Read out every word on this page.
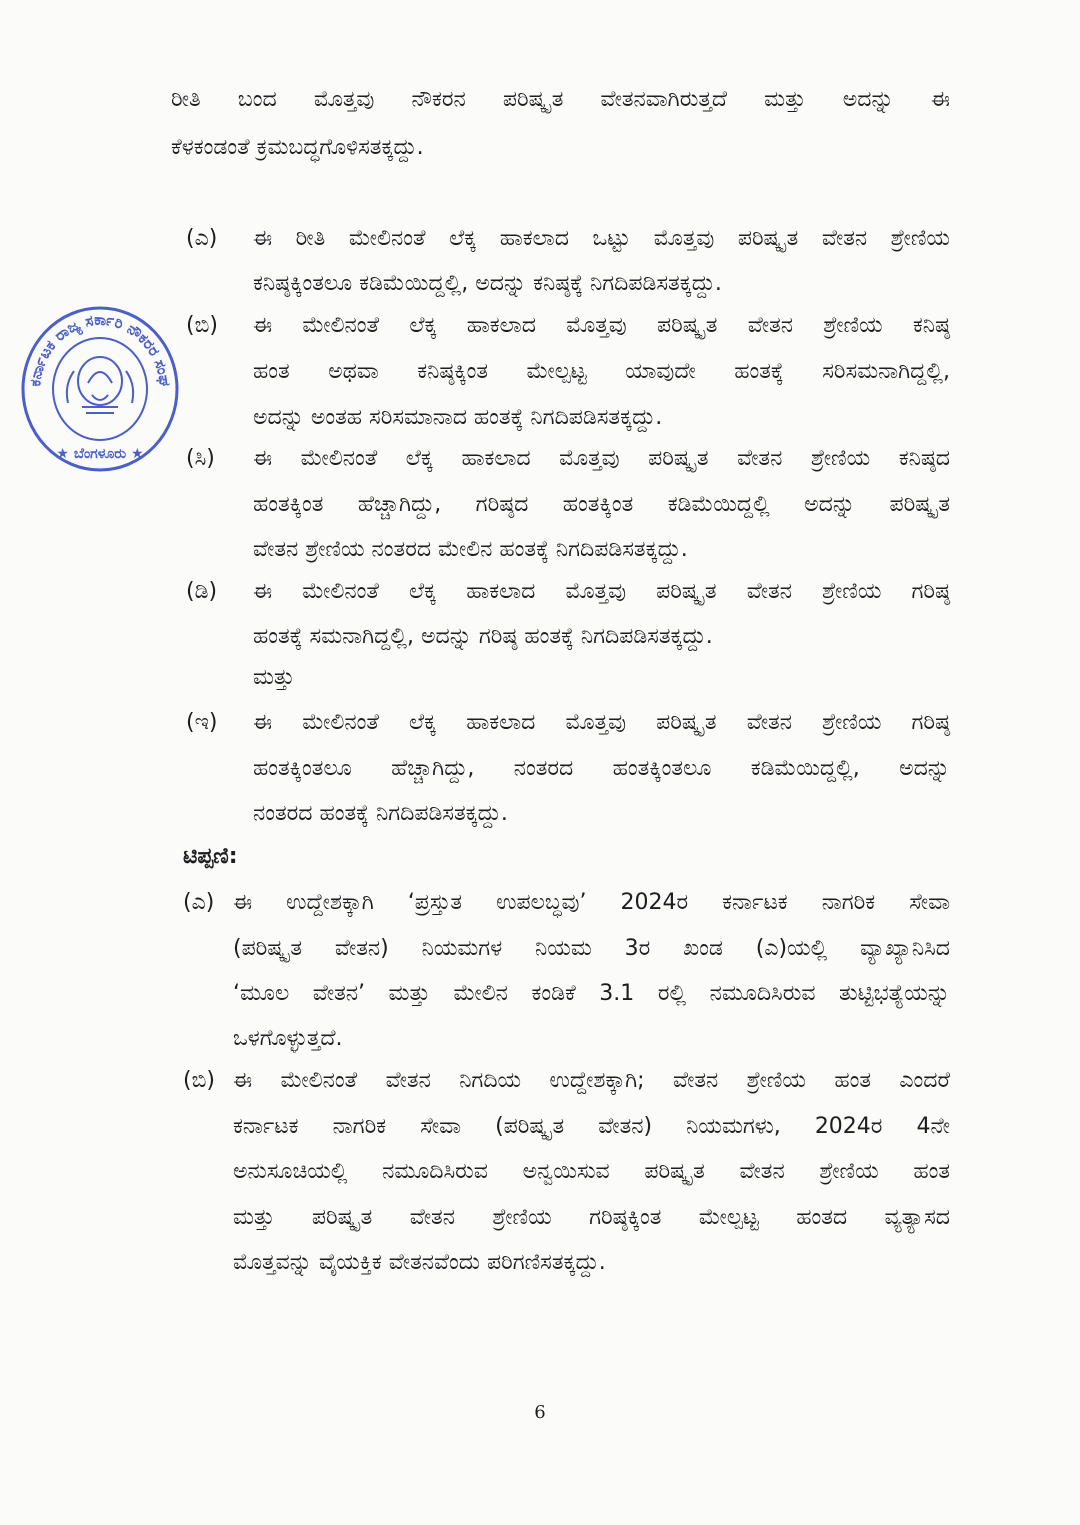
ರೀತಿ ಬಂದ ಮೊತ್ತವು ನೌಕರನ ಪರಿಷ್ಕೃತ ವೇತನವಾಗಿರುತ್ತದೆ ಮತ್ತು ಅದನ್ನು ಈ
ಕೆಳಕಂಡಂತೆ ಕ್ರಮಬದ್ಧಗೊಳಿಸತಕ್ಕದ್ದು.
(ಎ) ಈ ರೀತಿ ಮೇಲಿನಂತೆ ಲೆಕ್ಕ ಹಾಕಲಾದ ಒಟ್ಟು ಮೊತ್ತವು ಪರಿಷ್ಕೃತ ವೇತನ ಶ್ರೇಣಿಯ
ಕನಿಷ್ಠಕ್ಕಿಂತಲೂ ಕಡಿಮೆಯಿದ್ದಲ್ಲಿ, ಅದನ್ನು ಕನಿಷ್ಠಕ್ಕೆ ನಿಗದಿಪಡಿಸತಕ್ಕದ್ದು.
(ಬಿ) ಈ ಮೇಲಿನಂತೆ ಲೆಕ್ಕ ಹಾಕಲಾದ ಮೊತ್ತವು ಪರಿಷ್ಕೃತ ವೇತನ ಶ್ರೇಣಿಯ ಕನಿಷ್ಠ
ಹಂತ ಅಥವಾ ಕನಿಷ್ಠಕ್ಕಿಂತ ಮೇಲ್ಪಟ್ಟ ಯಾವುದೇ ಹಂತಕ್ಕೆ ಸರಿಸಮನಾಗಿದ್ದಲ್ಲಿ,
ಅದನ್ನು ಅಂತಹ ಸರಿಸಮಾನಾದ ಹಂತಕ್ಕೆ ನಿಗದಿಪಡಿಸತಕ್ಕದ್ದು.
(ಸಿ) ಈ ಮೇಲಿನಂತೆ ಲೆಕ್ಕ ಹಾಕಲಾದ ಮೊತ್ತವು ಪರಿಷ್ಕೃತ ವೇತನ ಶ್ರೇಣಿಯ ಕನಿಷ್ಠದ
ಹಂತಕ್ಕಿಂತ ಹೆಚ್ಚಾಗಿದ್ದು, ಗರಿಷ್ಠದ ಹಂತಕ್ಕಿಂತ ಕಡಿಮೆಯಿದ್ದಲ್ಲಿ ಅದನ್ನು ಪರಿಷ್ಕೃತ
ವೇತನ ಶ್ರೇಣಿಯ ನಂತರದ ಮೇಲಿನ ಹಂತಕ್ಕೆ ನಿಗದಿಪಡಿಸತಕ್ಕದ್ದು.
(ಡಿ) ಈ ಮೇಲಿನಂತೆ ಲೆಕ್ಕ ಹಾಕಲಾದ ಮೊತ್ತವು ಪರಿಷ್ಕೃತ ವೇತನ ಶ್ರೇಣಿಯ ಗರಿಷ್ಠ
ಹಂತಕ್ಕೆ ಸಮನಾಗಿದ್ದಲ್ಲಿ, ಅದನ್ನು ಗರಿಷ್ಠ ಹಂತಕ್ಕೆ ನಿಗದಿಪಡಿಸತಕ್ಕದ್ದು.
ಮತ್ತು
(ಇ) ಈ ಮೇಲಿನಂತೆ ಲೆಕ್ಕ ಹಾಕಲಾದ ಮೊತ್ತವು ಪರಿಷ್ಕೃತ ವೇತನ ಶ್ರೇಣಿಯ ಗರಿಷ್ಠ
ಹಂತಕ್ಕಿಂತಲೂ ಹೆಚ್ಚಾಗಿದ್ದು, ನಂತರದ ಹಂತಕ್ಕಿಂತಲೂ ಕಡಿಮೆಯಿದ್ದಲ್ಲಿ, ಅದನ್ನು
ನಂತರದ ಹಂತಕ್ಕೆ ನಿಗದಿಪಡಿಸತಕ್ಕದ್ದು.
ಟಿಪ್ಪಣಿ:
(ಎ) ಈ ಉದ್ದೇಶಕ್ಕಾಗಿ ‘ಪ್ರಸ್ತುತ ಉಪಲಬ್ಧವು’ 2024ರ ಕರ್ನಾಟಕ ನಾಗರಿಕ ಸೇವಾ
(ಪರಿಷ್ಕೃತ ವೇತನ) ನಿಯಮಗಳ ನಿಯಮ 3ರ ಖಂಡ (ಎ)ಯಲ್ಲಿ ವ್ಯಾಖ್ಯಾನಿಸಿದ
‘ಮೂಲ ವೇತನ’ ಮತ್ತು ಮೇಲಿನ ಕಂಡಿಕೆ 3.1 ರಲ್ಲಿ ನಮೂದಿಸಿರುವ ತುಟ್ಟಿಭತ್ಯೆಯನ್ನು
ಒಳಗೊಳ್ಳುತ್ತದೆ.
(ಬಿ) ಈ ಮೇಲಿನಂತೆ ವೇತನ ನಿಗದಿಯ ಉದ್ದೇಶಕ್ಕಾಗಿ; ವೇತನ ಶ್ರೇಣಿಯ ಹಂತ ಎಂದರೆ
ಕರ್ನಾಟಕ ನಾಗರಿಕ ಸೇವಾ (ಪರಿಷ್ಕೃತ ವೇತನ) ನಿಯಮಗಳು, 2024ರ 4ನೇ
ಅನುಸೂಚಿಯಲ್ಲಿ ನಮೂದಿಸಿರುವ ಅನ್ವಯಿಸುವ ಪರಿಷ್ಕೃತ ವೇತನ ಶ್ರೇಣಿಯ ಹಂತ
ಮತ್ತು ಪರಿಷ್ಕೃತ ವೇತನ ಶ್ರೇಣಿಯ ಗರಿಷ್ಠಕ್ಕಿಂತ ಮೇಲ್ಪಟ್ಟ ಹಂತದ ವ್ಯತ್ಯಾಸದ
ಮೊತ್ತವನ್ನು ವೈಯಕ್ತಿಕ ವೇತನವೆಂದು ಪರಿಗಣಿಸತಕ್ಕದ್ದು.
ಕರ್ನಾಟಕ ರಾಜ್ಯ ಸರ್ಕಾರಿ ನೌಕರರ ಸಂಘ
★ ಬೆಂಗಳೂರು ★
6
